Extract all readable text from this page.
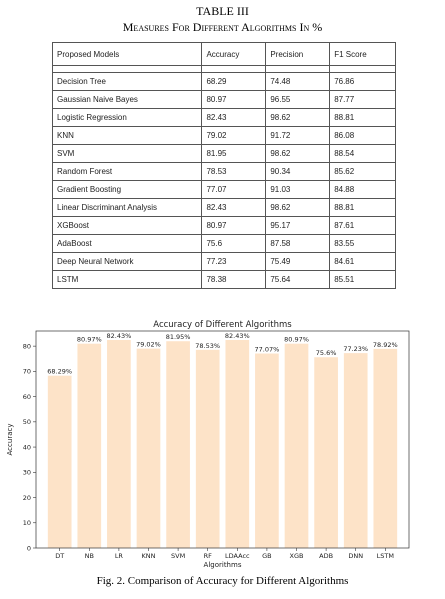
TABLE III
Measures For Different Algorithms In %
Proposed Models	Accuracy	Precision	F1 Score

Decision Tree	68.29	74.48	76.86
Gaussian Naive Bayes	80.97	96.55	87.77
Logistic Regression	82.43	98.62	88.81
KNN	79.02	91.72	86.08
SVM	81.95	98.62	88.54
Random Forest	78.53	90.34	85.62
Gradient Boosting	77.07	91.03	84.88
Linear Discriminant Analysis	82.43	98.62	88.81
XGBoost	80.97	95.17	87.61
AdaBoost	75.6	87.58	83.55
Deep Neural Network	77.23	75.49	84.61
LSTM	78.38	75.64	85.51
Accuracy of Different Algorithms
68.29%
DT
80.97%
NB
82.43%
LR
79.02%
KNN
81.95%
SVM
78.53%
RF
82.43%
LDAAcc
77.07%
GB
80.97%
XGB
75.6%
ADB
77.23%
DNN
78.92%
LSTM
0
10
20
30
40
50
60
70
80
Algorithms
Accuracy
Fig. 2. Comparison of Accuracy for Different Algorithms
